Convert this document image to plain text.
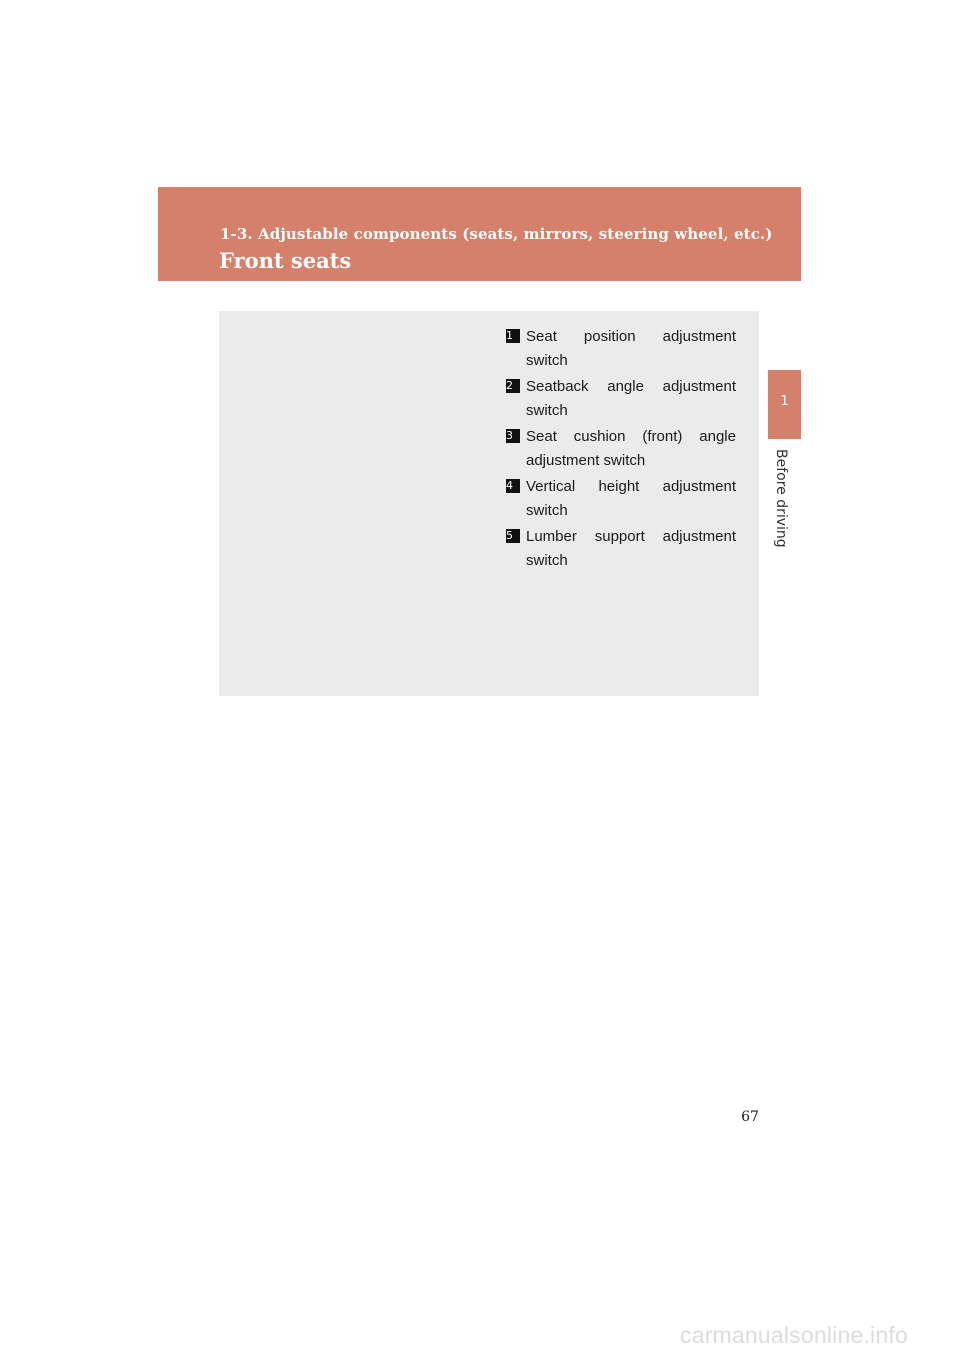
1-3. Adjustable components (seats, mirrors, steering wheel, etc.)
Front seats
1
Before driving
1 Seat position adjustment switch
2 Seatback angle adjustment switch
3 Seat cushion (front) angle adjustment switch
4 Vertical height adjustment switch
5 Lumber support adjustment switch
67
carmanualsonline.info
